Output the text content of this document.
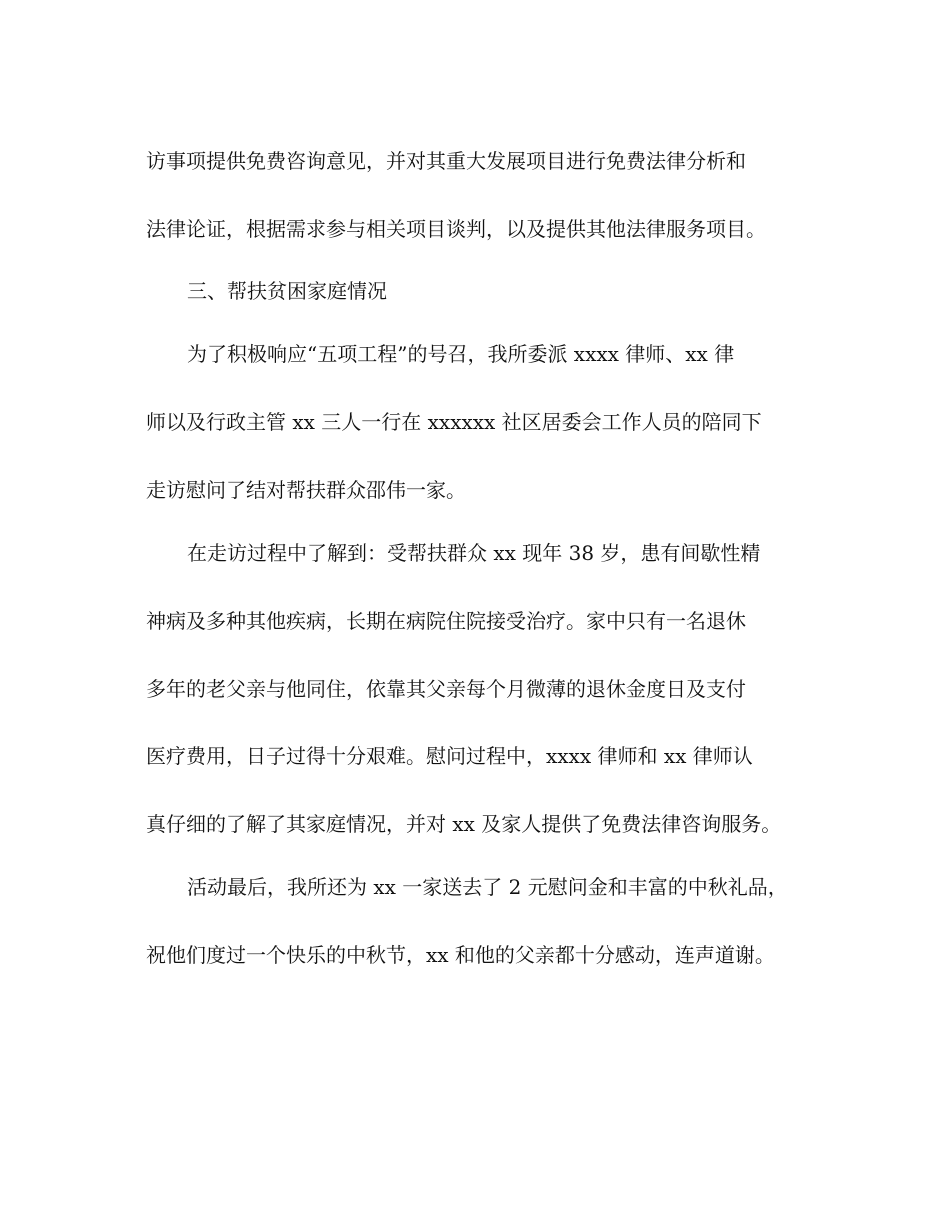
访事项提供免费咨询意见，并对其重大发展项目进行免费法律分析和
法律论证，根据需求参与相关项目谈判，以及提供其他法律服务项目。
三、帮扶贫困家庭情况
为了积极响应“五项工程”的号召，我所委派 xxxx 律师、xx 律
师以及行政主管 xx 三人一行在 xxxxxx 社区居委会工作人员的陪同下
走访慰问了结对帮扶群众邵伟一家。
在走访过程中了解到：受帮扶群众 xx 现年 38 岁，患有间歇性精
神病及多种其他疾病，长期在病院住院接受治疗。家中只有一名退休
多年的老父亲与他同住，依靠其父亲每个月微薄的退休金度日及支付
医疗费用，日子过得十分艰难。慰问过程中，xxxx 律师和 xx 律师认
真仔细的了解了其家庭情况，并对 xx 及家人提供了免费法律咨询服务。
活动最后，我所还为 xx 一家送去了 2 元慰问金和丰富的中秋礼品，
祝他们度过一个快乐的中秋节，xx 和他的父亲都十分感动，连声道谢。
